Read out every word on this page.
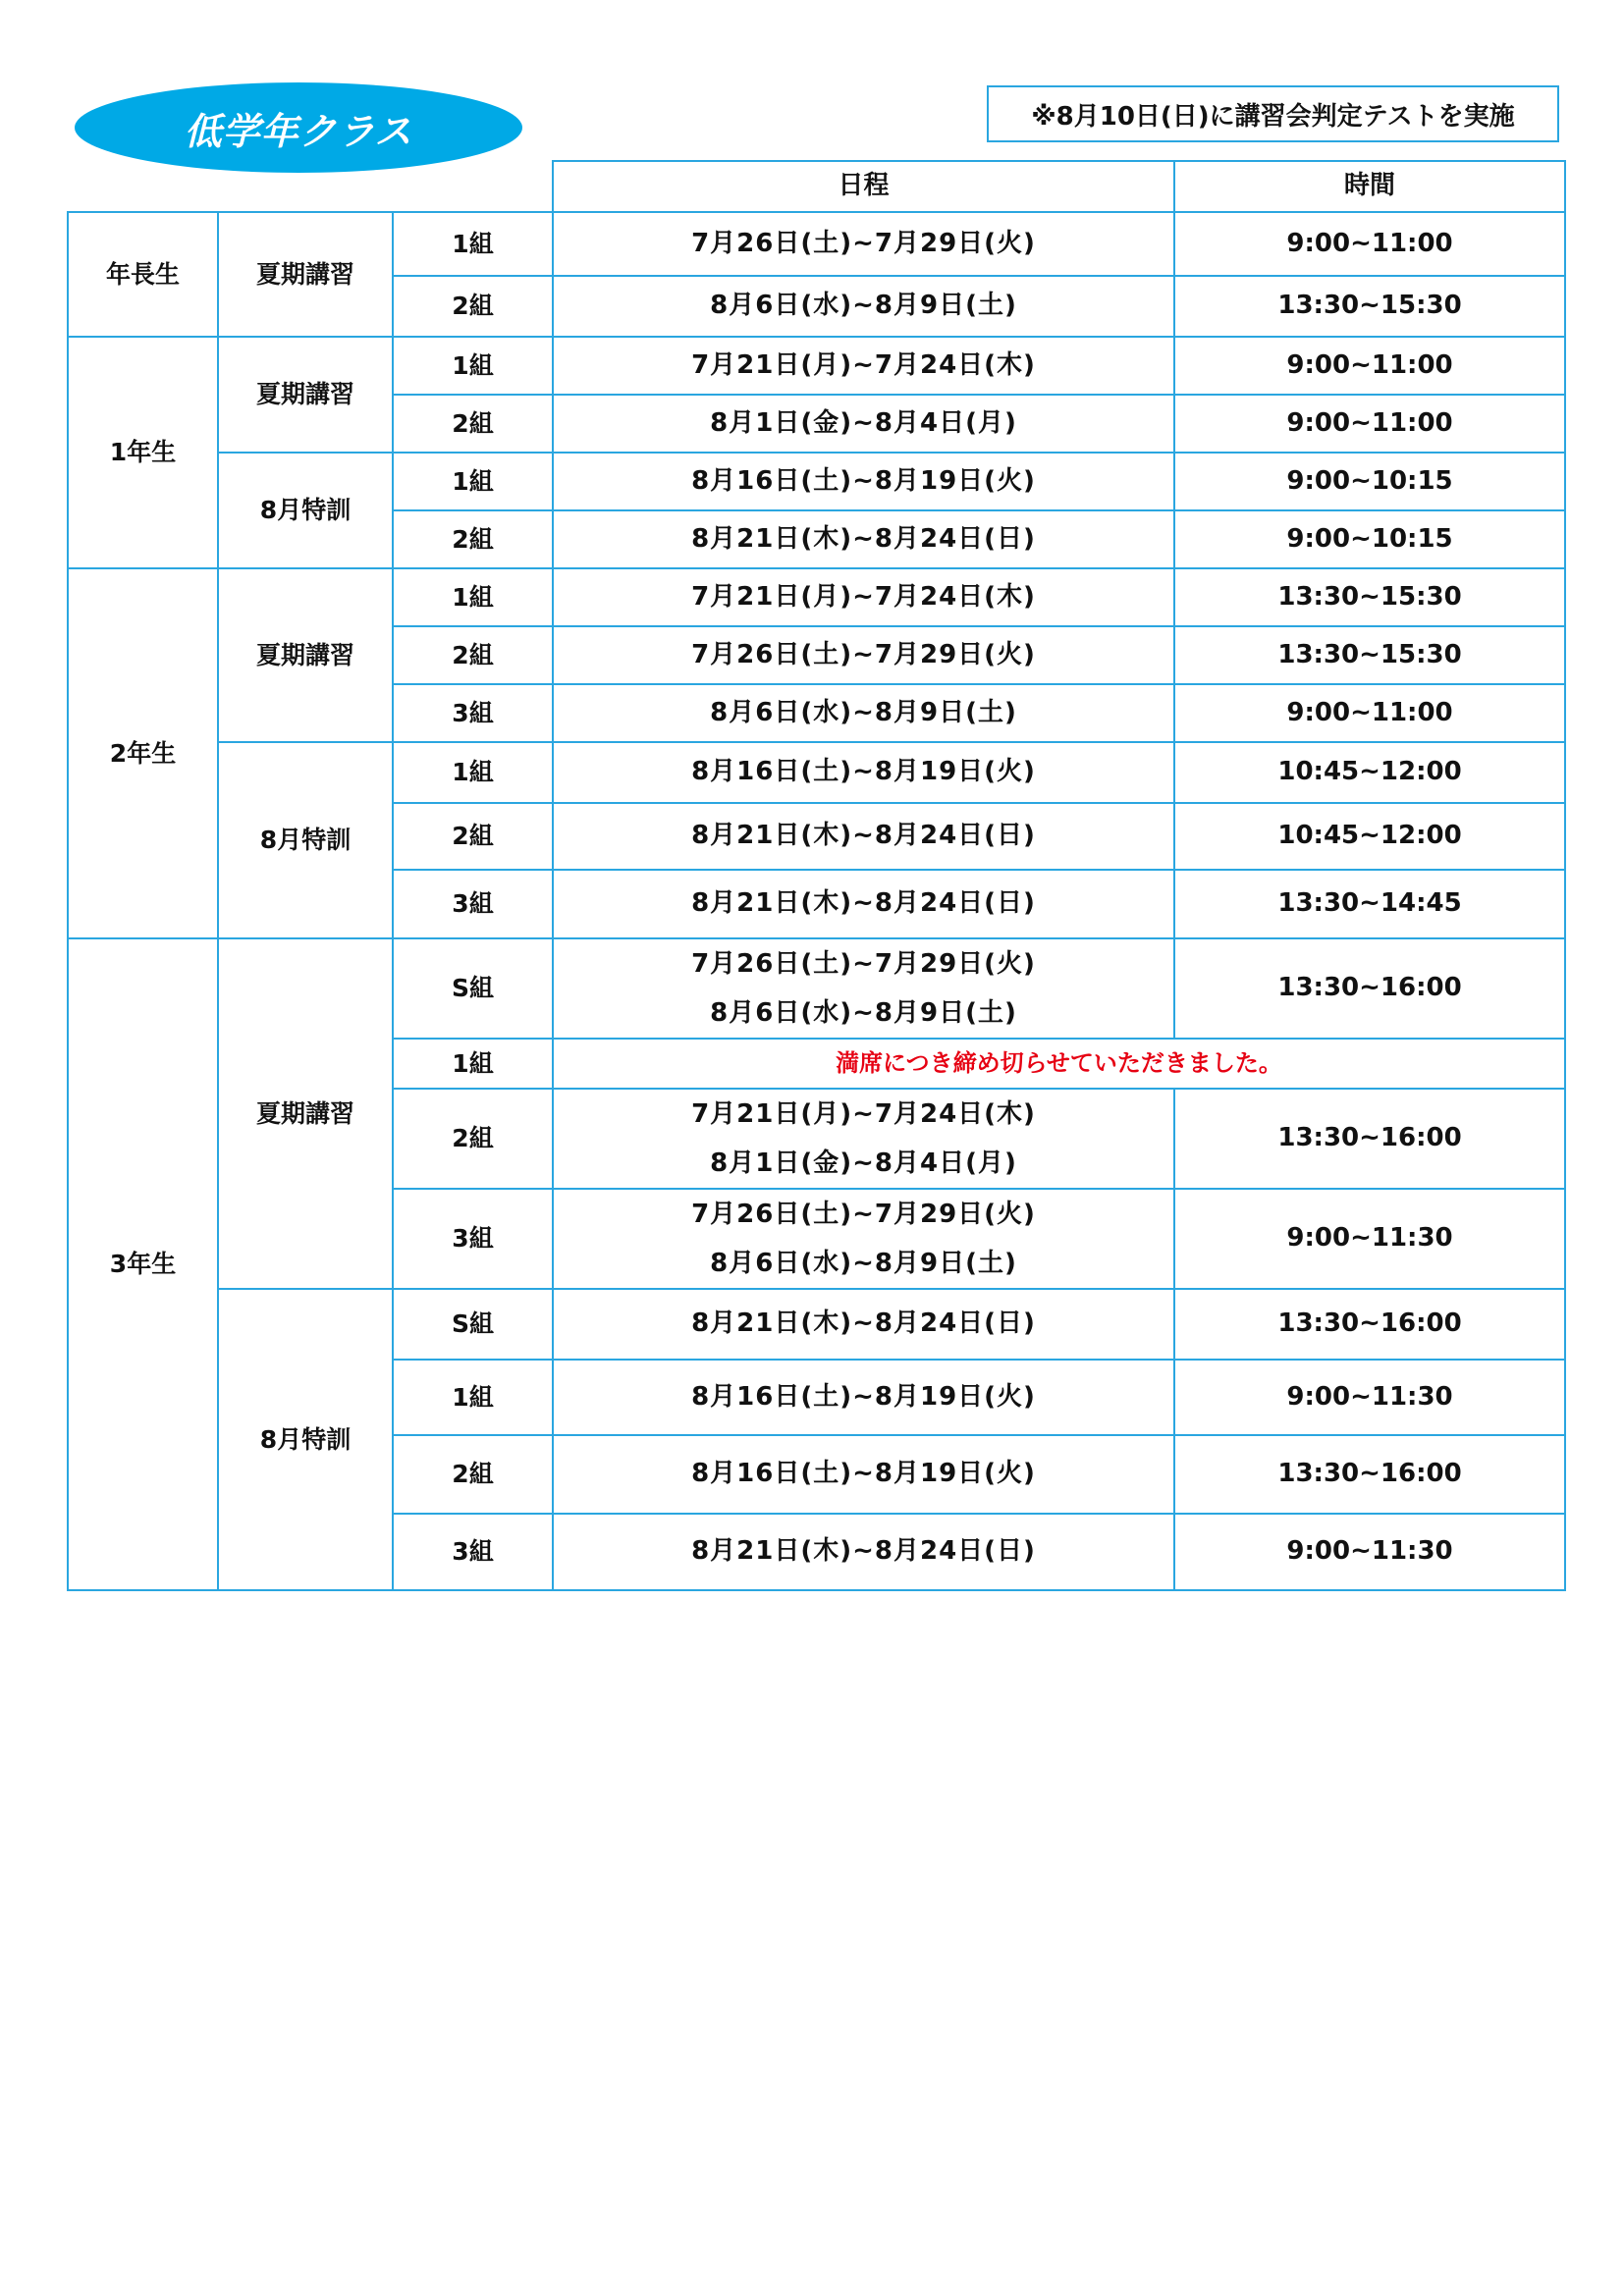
低学年クラス	※8月10日(日)に講習会判定テストを実施
			日程	時間
年長生	夏期講習	1組	7月26日(土)~7月29日(火)	9:00~11:00
		2組	8月6日(水)~8月9日(土)	13:30~15:30
1年生	夏期講習	1組	7月21日(月)~7月24日(木)	9:00~11:00
		2組	8月1日(金)~8月4日(月)	9:00~11:00
	8月特訓	1組	8月16日(土)~8月19日(火)	9:00~10:15
		2組	8月21日(木)~8月24日(日)	9:00~10:15
2年生	夏期講習	1組	7月21日(月)~7月24日(木)	13:30~15:30
		2組	7月26日(土)~7月29日(火)	13:30~15:30
		3組	8月6日(水)~8月9日(土)	9:00~11:00
	8月特訓	1組	8月16日(土)~8月19日(火)	10:45~12:00
		2組	8月21日(木)~8月24日(日)	10:45~12:00
		3組	8月21日(木)~8月24日(日)	13:30~14:45
3年生	夏期講習	S組	7月26日(土)~7月29日(火)
8月6日(水)~8月9日(土)	13:30~16:00
		1組	満席につき締め切らせていただきました。	
		2組	7月21日(月)~7月24日(木)
8月1日(金)~8月4日(月)	13:30~16:00
		3組	7月26日(土)~7月29日(火)
8月6日(水)~8月9日(土)	9:00~11:30
	8月特訓	S組	8月21日(木)~8月24日(日)	13:30~16:00
		1組	8月16日(土)~8月19日(火)	9:00~11:30
		2組	8月16日(土)~8月19日(火)	13:30~16:00
		3組	8月21日(木)~8月24日(日)	9:00~11:30
